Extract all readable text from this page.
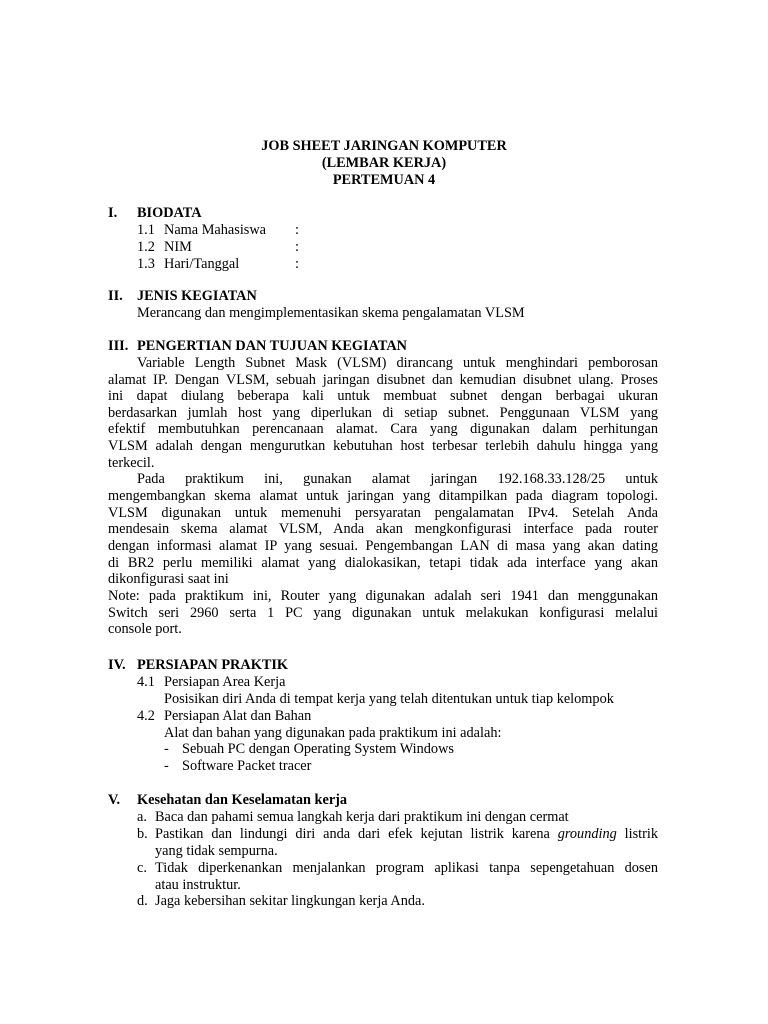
JOB SHEET JARINGAN KOMPUTER
(LEMBAR KERJA)
PERTEMUAN 4
I. BIODATA
1.1 Nama Mahasiswa :
1.2 NIM	:
1.3 Hari/Tanggal	:
II. JENIS KEGIATAN
Merancang dan mengimplementasikan skema pengalamatan VLSM
III. PENGERTIAN DAN TUJUAN KEGIATAN
Variable Length Subnet Mask (VLSM) dirancang untuk menghindari pemborosan
alamat IP. Dengan VLSM, sebuah jaringan disubnet dan kemudian disubnet ulang. Proses
ini dapat diulang beberapa kali untuk membuat subnet dengan berbagai ukuran
berdasarkan jumlah host yang diperlukan di setiap subnet. Penggunaan VLSM yang
efektif membutuhkan perencanaan alamat. Cara yang digunakan dalam perhitungan
VLSM adalah dengan mengurutkan kebutuhan host terbesar terlebih dahulu hingga yang
terkecil.
Pada praktikum ini, gunakan alamat jaringan 192.168.33.128/25 untuk
mengembangkan skema alamat untuk jaringan yang ditampilkan pada diagram topologi.
VLSM digunakan untuk memenuhi persyaratan pengalamatan IPv4. Setelah Anda
mendesain skema alamat VLSM, Anda akan mengkonfigurasi interface pada router
dengan informasi alamat IP yang sesuai. Pengembangan LAN di masa yang akan dating
di BR2 perlu memiliki alamat yang dialokasikan, tetapi tidak ada interface yang akan
dikonfigurasi saat ini
Note: pada praktikum ini, Router yang digunakan adalah seri 1941 dan menggunakan
Switch seri 2960 serta 1 PC yang digunakan untuk melakukan konfigurasi melalui
console port.
IV. PERSIAPAN PRAKTIK
4.1 Persiapan Area Kerja
Posisikan diri Anda di tempat kerja yang telah ditentukan untuk tiap kelompok
4.2 Persiapan Alat dan Bahan
Alat dan bahan yang digunakan pada praktikum ini adalah:
- Sebuah PC dengan Operating System Windows
- Software Packet tracer
V. Kesehatan dan Keselamatan kerja
a. Baca dan pahami semua langkah kerja dari praktikum ini dengan cermat
b. Pastikan dan lindungi diri anda dari efek kejutan listrik karena grounding listrik
yang tidak sempurna.
c. Tidak diperkenankan menjalankan program aplikasi tanpa sepengetahuan dosen
atau instruktur.
d. Jaga kebersihan sekitar lingkungan kerja Anda.
